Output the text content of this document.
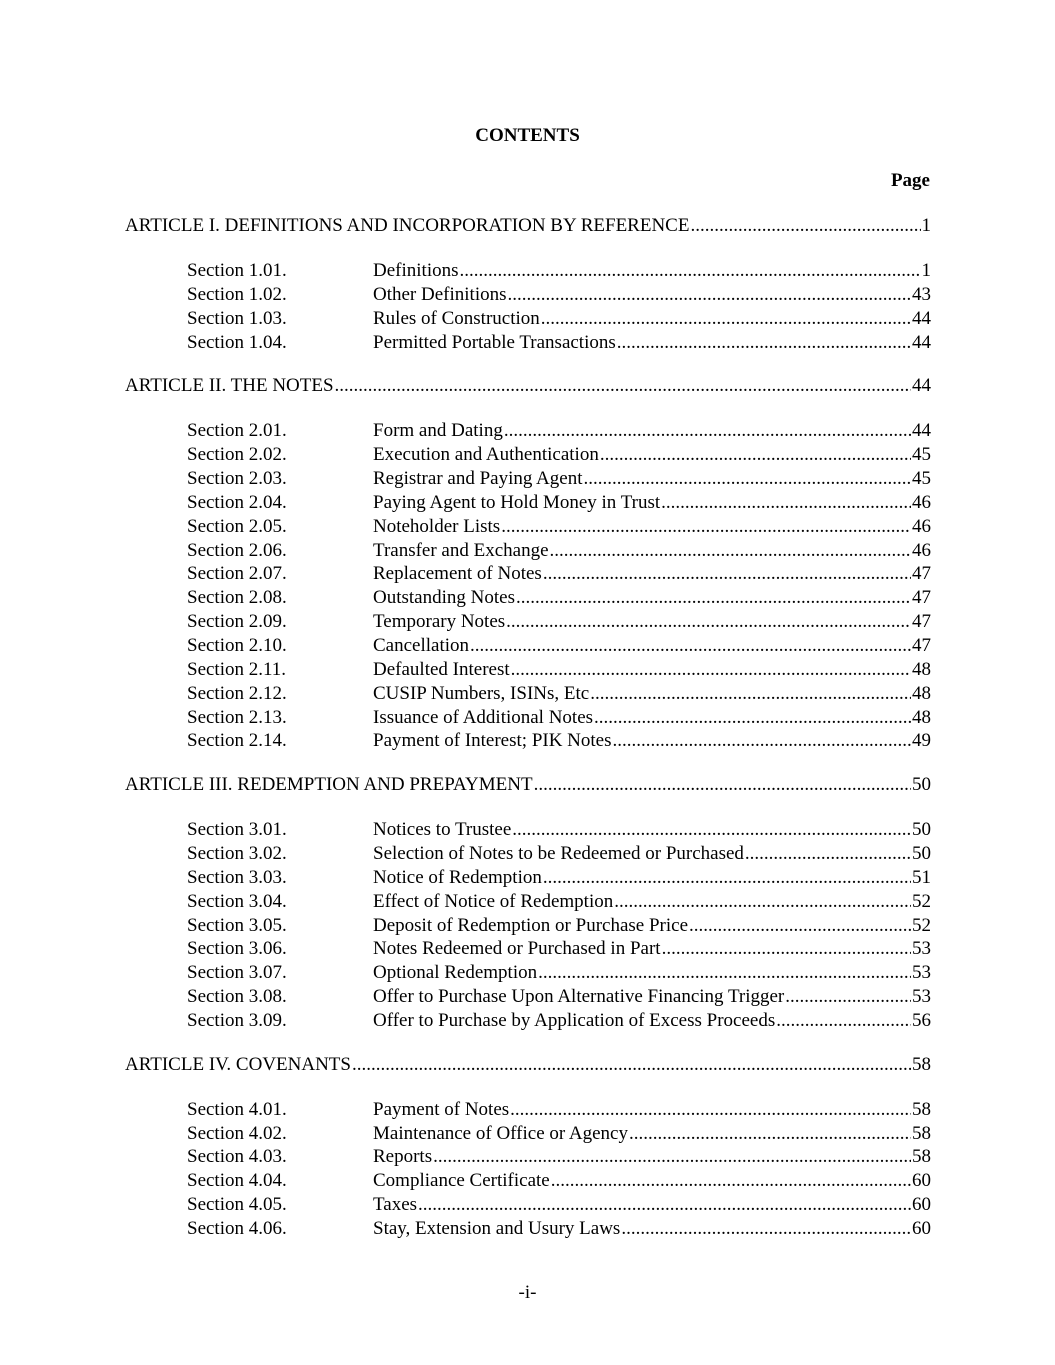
CONTENTS
Page
ARTICLE I. DEFINITIONS AND INCORPORATION BY REFERENCE .....	1
Section 1.01.	Definitions .....	1
Section 1.02.	Other Definitions .....	43
Section 1.03.	Rules of Construction .....	44
Section 1.04.	Permitted Portable Transactions .....	44
ARTICLE II. THE NOTES .....	44
Section 2.01.	Form and Dating .....	44
Section 2.02.	Execution and Authentication .....	45
Section 2.03.	Registrar and Paying Agent .....	45
Section 2.04.	Paying Agent to Hold Money in Trust .....	46
Section 2.05.	Noteholder Lists .....	46
Section 2.06.	Transfer and Exchange .....	46
Section 2.07.	Replacement of Notes .....	47
Section 2.08.	Outstanding Notes .....	47
Section 2.09.	Temporary Notes .....	47
Section 2.10.	Cancellation .....	47
Section 2.11.	Defaulted Interest .....	48
Section 2.12.	CUSIP Numbers, ISINs, Etc .....	48
Section 2.13.	Issuance of Additional Notes .....	48
Section 2.14.	Payment of Interest; PIK Notes .....	49
ARTICLE III. REDEMPTION AND PREPAYMENT .....	50
Section 3.01.	Notices to Trustee .....	50
Section 3.02.	Selection of Notes to be Redeemed or Purchased .....	50
Section 3.03.	Notice of Redemption .....	51
Section 3.04.	Effect of Notice of Redemption .....	52
Section 3.05.	Deposit of Redemption or Purchase Price .....	52
Section 3.06.	Notes Redeemed or Purchased in Part .....	53
Section 3.07.	Optional Redemption .....	53
Section 3.08.	Offer to Purchase Upon Alternative Financing Trigger .....	53
Section 3.09.	Offer to Purchase by Application of Excess Proceeds .....	56
ARTICLE IV. COVENANTS .....	58
Section 4.01.	Payment of Notes .....	58
Section 4.02.	Maintenance of Office or Agency .....	58
Section 4.03.	Reports .....	58
Section 4.04.	Compliance Certificate .....	60
Section 4.05.	Taxes .....	60
Section 4.06.	Stay, Extension and Usury Laws .....	60
-i-
